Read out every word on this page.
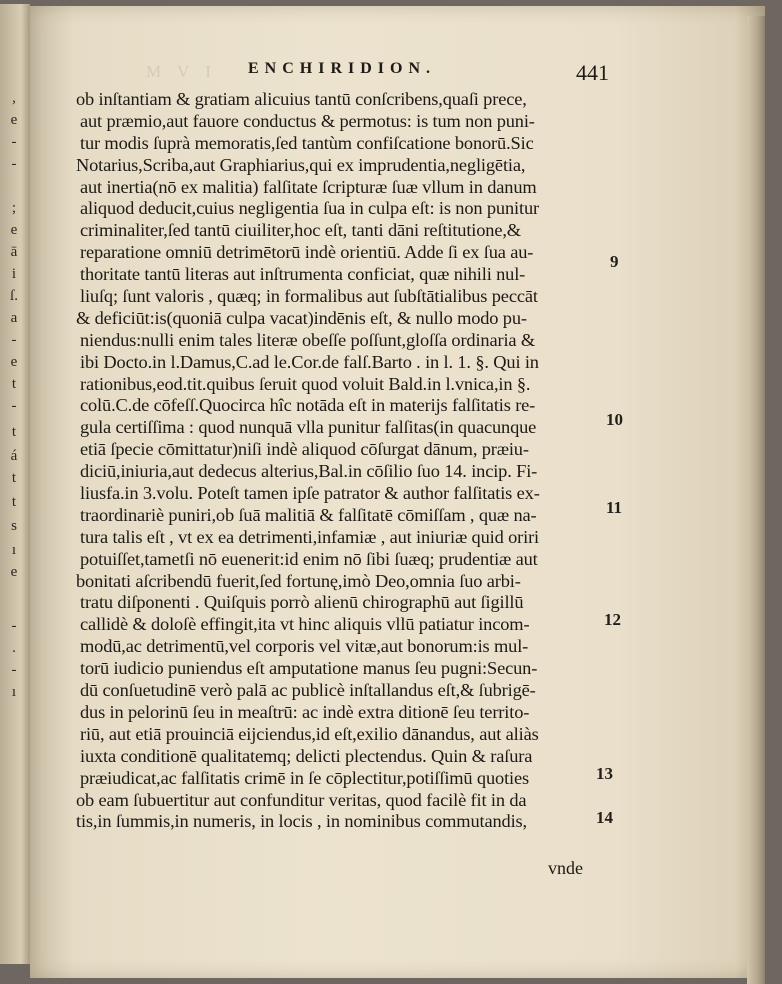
,
e
-
-
;
e
ā
i
ſ.
a
-
e
t
-
t
á
t
t
s
ı
e
-
.
-
ı
M V I ENCHIRIDION.	441
ob inſtantiam & gratiam alicuius tantū conſcribens,quaſi prece,
aut præmio,aut fauore conductus & permotus: is tum non puni-
tur modis ſuprà memoratis,ſed tantùm confiſcatione bonorū.Sic
Notarius,Scriba,aut Graphiarius,qui ex imprudentia,negligētia,
aut inertia(nō ex malitia) falſitate ſcripturæ ſuæ vllum in danum
aliquod deducit,cuius negligentia ſua in culpa eſt: is non punitur
criminaliter,ſed tantū ciuiliter,hoc eſt, tanti dāni reſtitutione,&
reparatione omniū detrimētorū indè orientiū. Adde ſi ex ſua au-
thoritate tantū literas aut inſtrumenta conficiat, quæ nihili nul-
liuſq; ſunt valoris , quæq; in formalibus aut ſubſtātialibus peccāt
& deficiūt:is(quoniā culpa vacat)indēnis eſt, & nullo modo pu-
niendus:nulli enim tales literæ obeſſe poſſunt,gloſſa ordinaria &
ibi Docto.in l.Damus,C.ad le.Cor.de falſ.Barto . in l. 1. §. Qui in
rationibus,eod.tit.quibus ſeruit quod voluit Bald.in l.vnica,in §.
colū.C.de cōfeſſ.Quocirca hîc notāda eſt in materijs falſitatis re-
gula certiſſima : quod nunquā vlla punitur falſitas(in quacunque
etiā ſpecie cōmittatur)niſi indè aliquod cōſurgat dānum, præiu-
diciū,iniuria,aut dedecus alterius,Bal.in cōſilio ſuo 14. incip. Fi-
liusfa.in 3.volu. Poteſt tamen ipſe patrator & author falſitatis ex-
traordinariè puniri,ob ſuā malitiā & falſitatē cōmiſſam , quæ na-
tura talis eſt , vt ex ea detrimenti,infamiæ , aut iniuriæ quid oriri
potuiſſet,tametſi nō euenerit:id enim nō ſibi ſuæq; prudentiæ aut
bonitati aſcribendū fuerit,ſed fortunę,imò Deo,omnia ſuo arbi-
tratu diſponenti . Quiſquis porrò alienū chirographū aut ſigillū
callidè & doloſè effingit,ita vt hinc aliquis vllū patiatur incom-
modū,ac detrimentū,vel corporis vel vitæ,aut bonorum:is mul-
torū iudicio puniendus eſt amputatione manus ſeu pugni:Secun-
dū conſuetudinē verò palā ac publicè inſtallandus eſt,& ſubrigē-
dus in pelorinū ſeu in meaſtrū: ac indè extra ditionē ſeu territo-
riū, aut etiā prouinciā eijciendus,id eſt,exilio dānandus, aut aliàs
iuxta conditionē qualitatemq; delicti plectendus. Quin & raſura
præiudicat,ac falſitatis crimē in ſe cōplectitur,potiſſimū quoties
ob eam ſubuertitur aut confunditur veritas, quod facilè fit in da
tis,in ſummis,in numeris, in locis , in nominibus commutandis,
vnde
9
10
11
12
13
14
